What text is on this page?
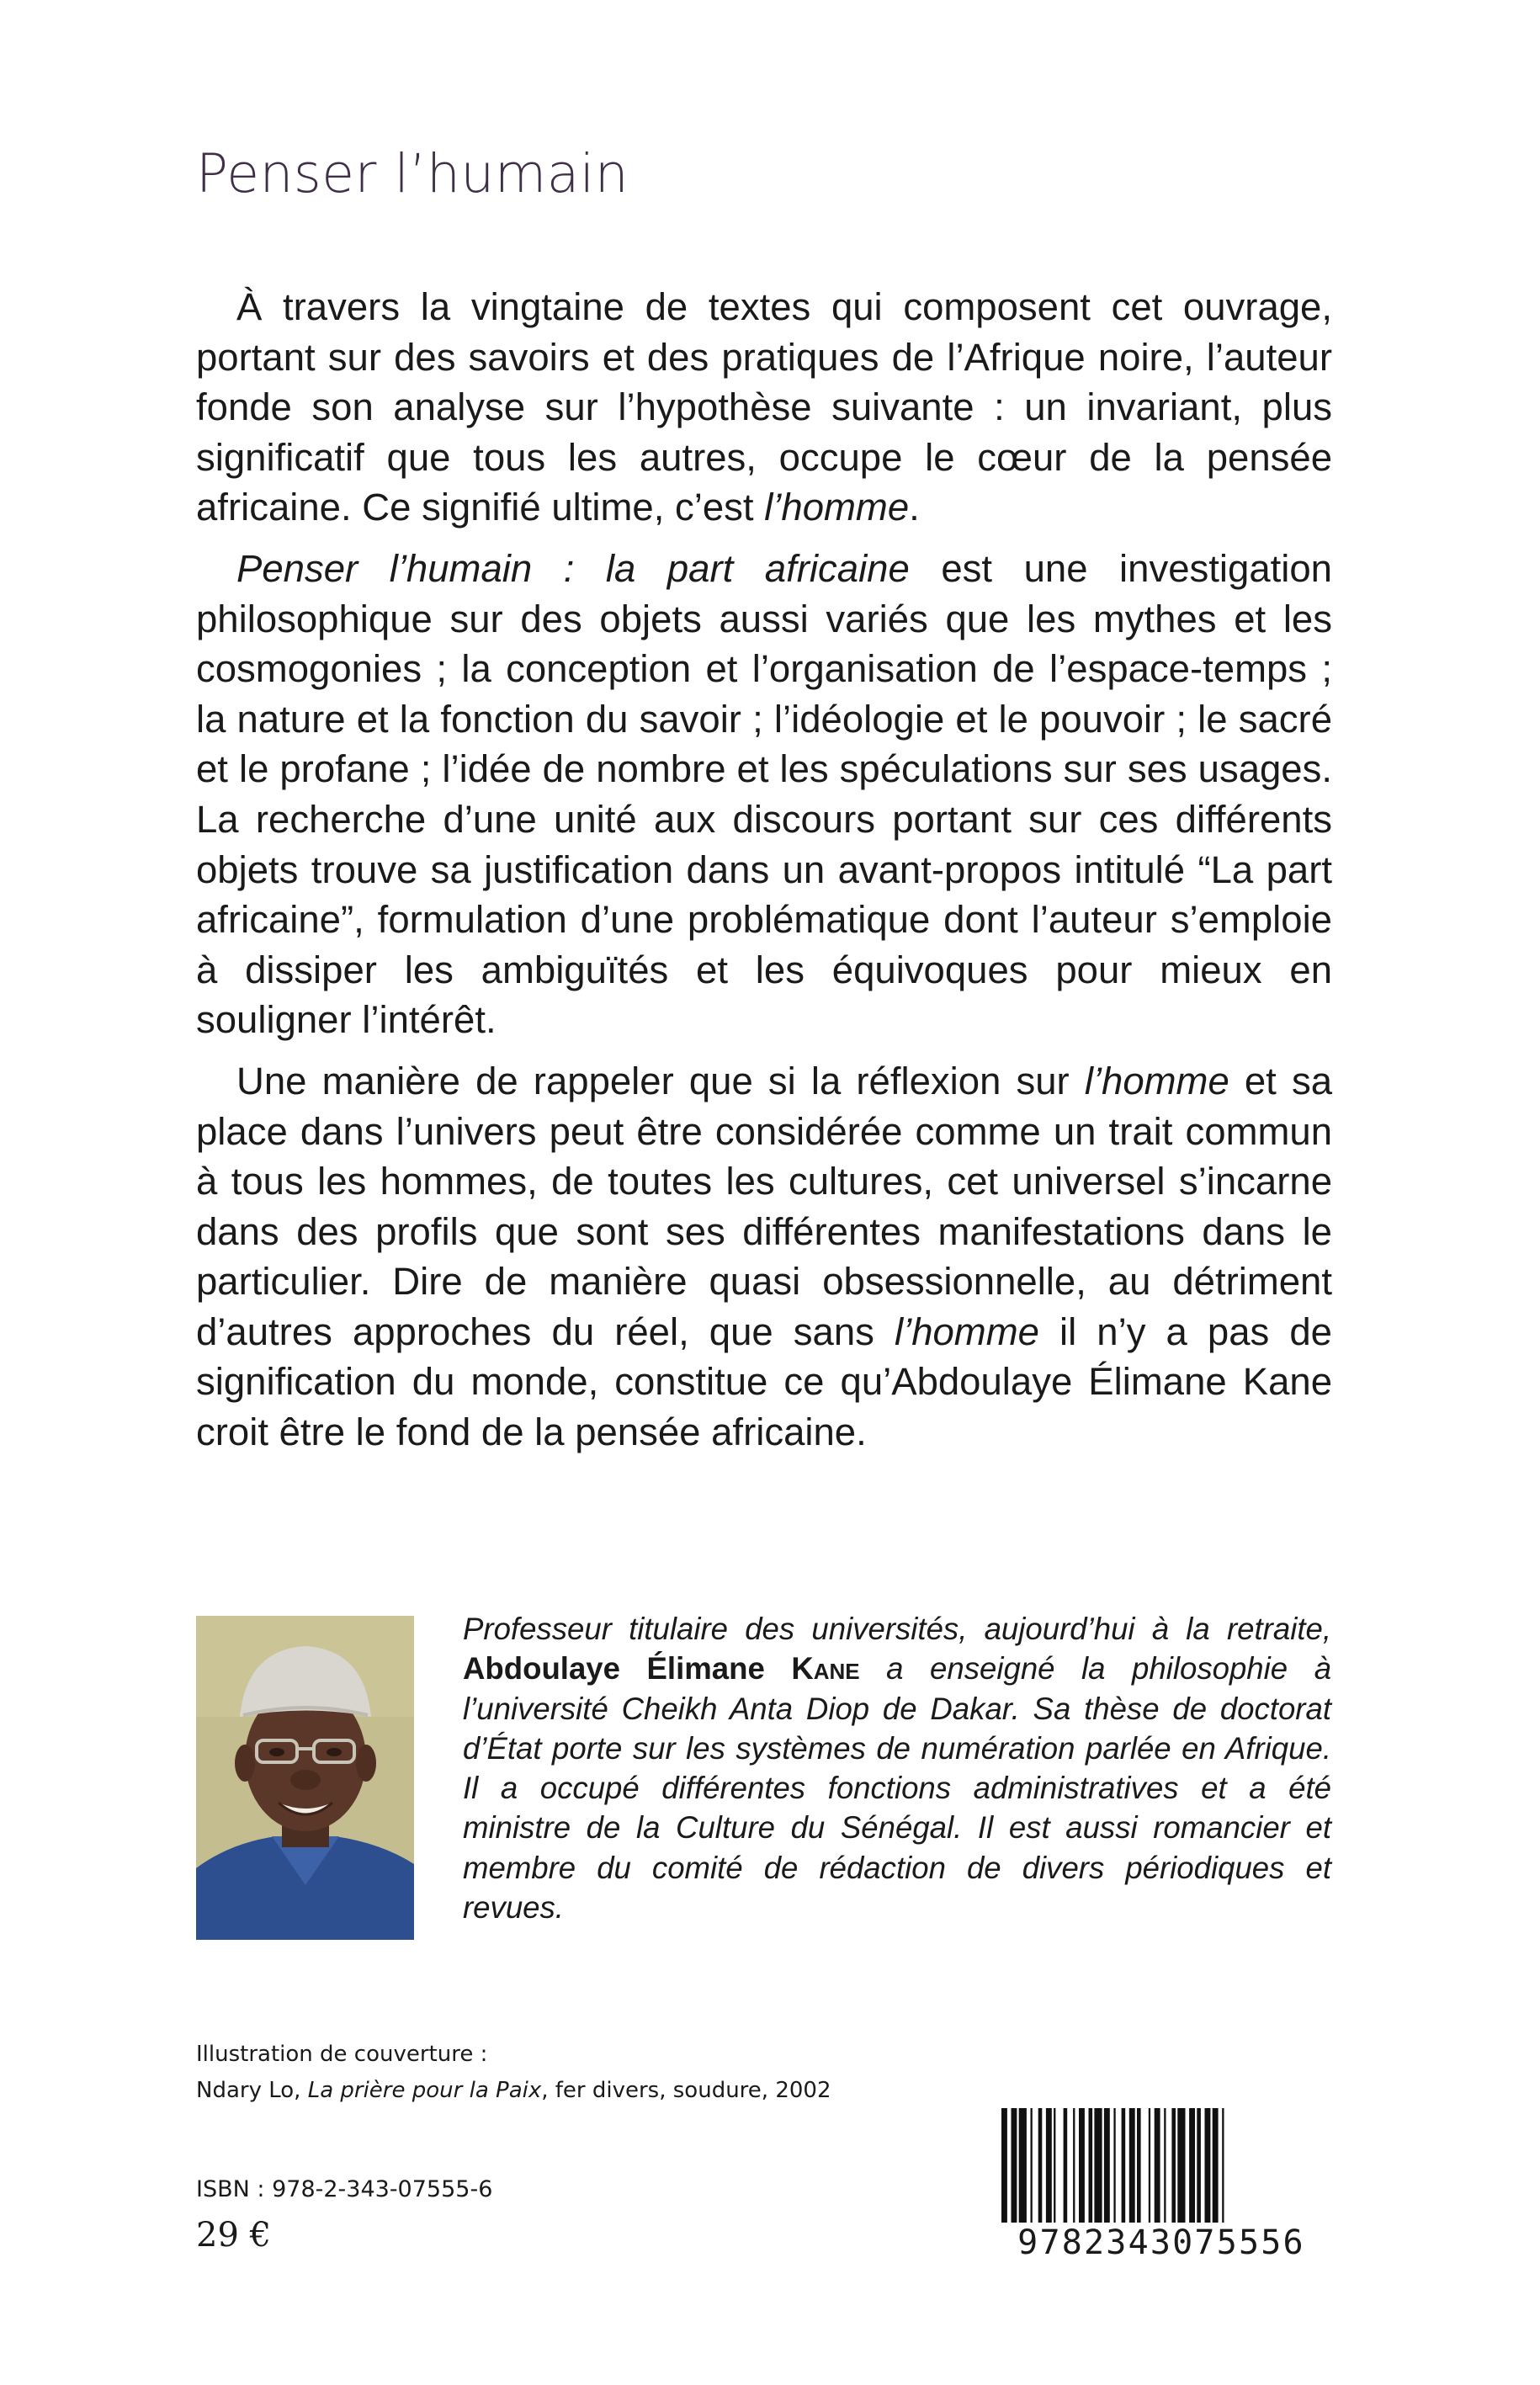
Penser l’humain

À travers la vingtaine de textes qui composent cet ouvrage, portant sur des savoirs et des pratiques de l’Afrique noire, l’auteur fonde son analyse sur l’hypothèse suivante : un invariant, plus significatif que tous les autres, occupe le cœur de la pensée africaine. Ce signifié ultime, c’est l’homme.

Penser l’humain : la part africaine est une investigation philosophique sur des objets aussi variés que les mythes et les cosmogonies ; la conception et l’organisation de l’espace-temps ; la nature et la fonction du savoir ; l’idéologie et le pouvoir ; le sacré et le profane ; l’idée de nombre et les spéculations sur ses usages. La recherche d’une unité aux discours portant sur ces différents objets trouve sa justification dans un avant-propos intitulé “La part africaine”, formulation d’une problématique dont l’auteur s’emploie à dissiper les ambiguïtés et les équivoques pour mieux en souligner l’intérêt.

Une manière de rappeler que si la réflexion sur l’homme et sa place dans l’univers peut être considérée comme un trait commun à tous les hommes, de toutes les cultures, cet universel s’incarne dans des profils que sont ses différentes manifestations dans le particulier. Dire de manière quasi obsessionnelle, au détriment d’autres approches du réel, que sans l’homme il n’y a pas de signification du monde, constitue ce qu’Abdoulaye Élimane Kane croit être le fond de la pensée africaine.

Professeur titulaire des universités, aujourd’hui à la retraite, Abdoulaye Élimane Kane a enseigné la philosophie à l’université Cheikh Anta Diop de Dakar. Sa thèse de doctorat d’État porte sur les systèmes de numération parlée en Afrique. Il a occupé différentes fonctions administratives et a été ministre de la Culture du Sénégal. Il est aussi romancier et membre du comité de rédaction de divers périodiques et revues.

Illustration de couverture :
Ndary Lo, La prière pour la Paix, fer divers, soudure, 2002
ISBN : 978-2-343-07555-6
29 €	9782343075556
